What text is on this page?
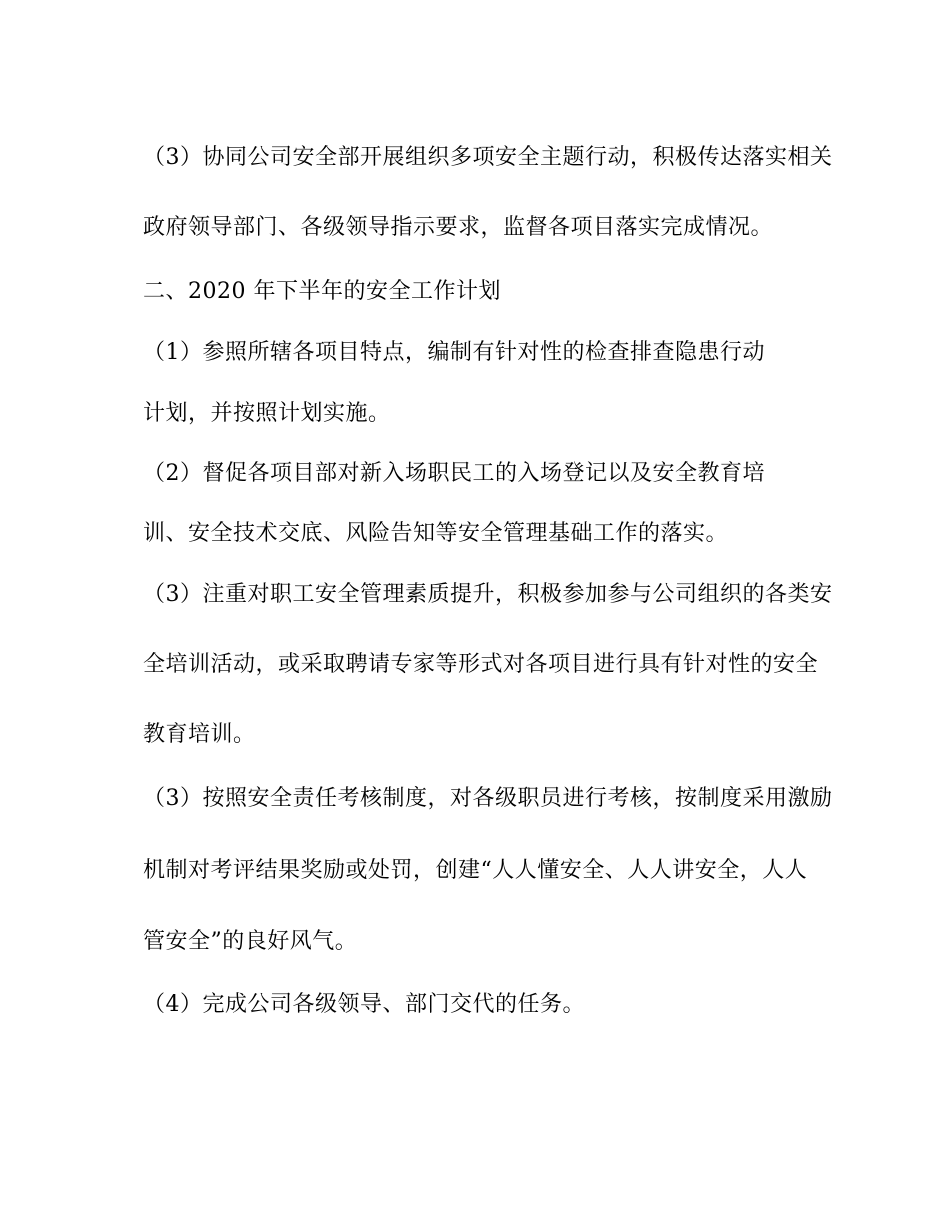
（3）协同公司安全部开展组织多项安全主题行动，积极传达落实相关
政府领导部门、各级领导指示要求，监督各项目落实完成情况。
二、2020 年下半年的安全工作计划
（1）参照所辖各项目特点，编制有针对性的检查排查隐患行动
计划，并按照计划实施。
（2）督促各项目部对新入场职民工的入场登记以及安全教育培
训、安全技术交底、风险告知等安全管理基础工作的落实。
（3）注重对职工安全管理素质提升，积极参加参与公司组织的各类安
全培训活动，或采取聘请专家等形式对各项目进行具有针对性的安全
教育培训。
（3）按照安全责任考核制度，对各级职员进行考核，按制度采用激励
机制对考评结果奖励或处罚，创建“人人懂安全、人人讲安全，人人
管安全”的良好风气。
（4）完成公司各级领导、部门交代的任务。
